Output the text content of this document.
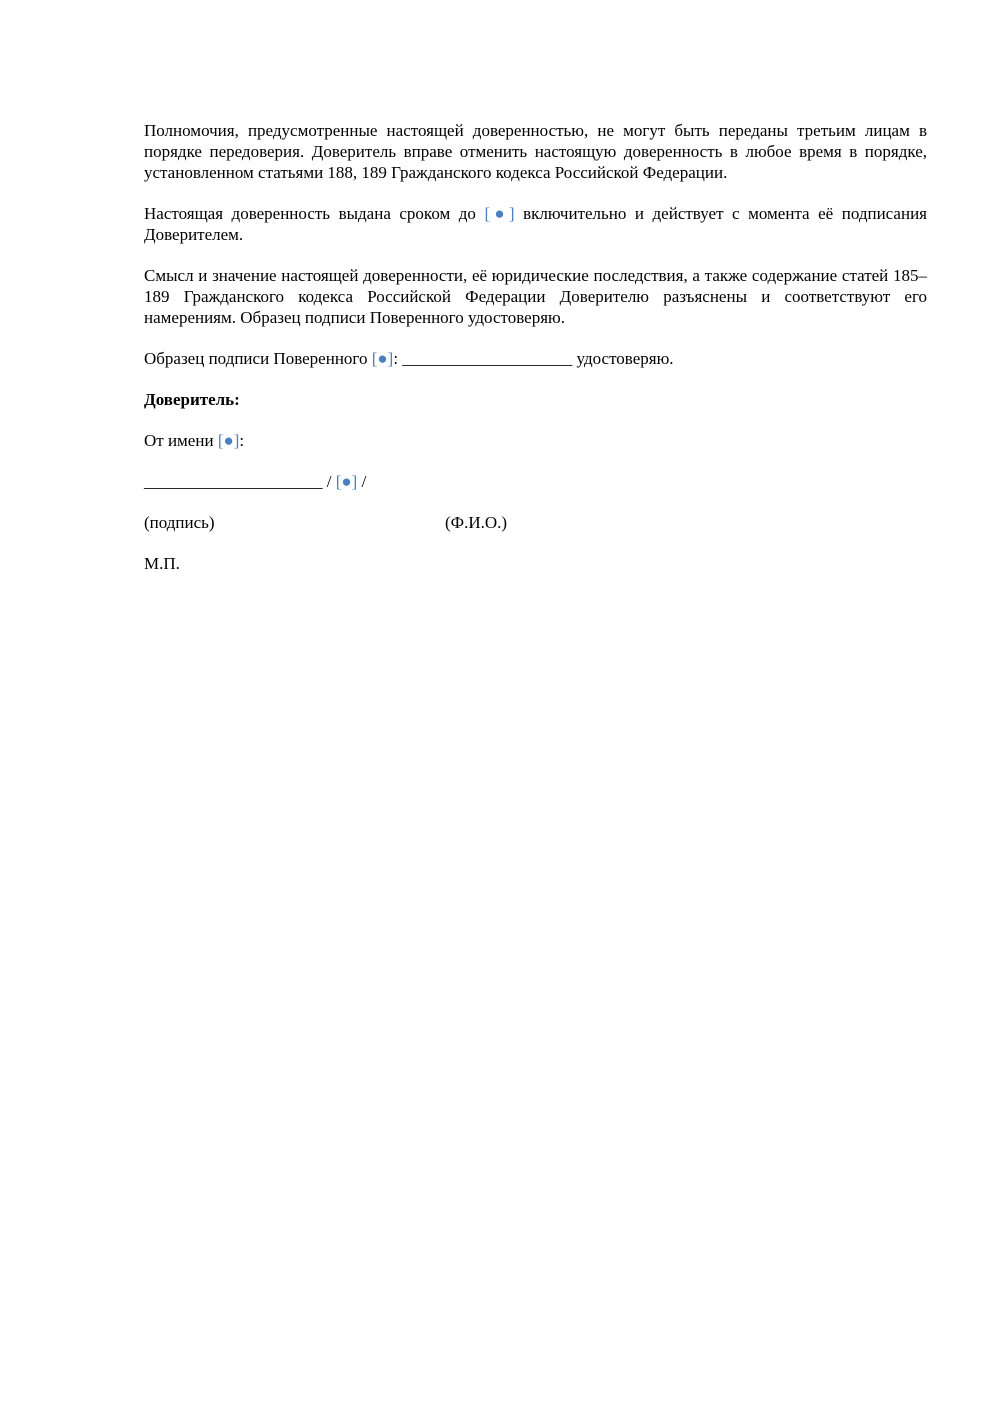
Полномочия, предусмотренные настоящей доверенностью, не могут быть переданы третьим лицам в порядке передоверия. Доверитель вправе отменить настоящую доверенность в любое время в порядке, установленном статьями 188, 189 Гражданского кодекса Российской Федерации.

Настоящая доверенность выдана сроком до [●] включительно и действует с момента её подписания Доверителем.

Смысл и значение настоящей доверенности, её юридические последствия, а также содержание статей 185–189 Гражданского кодекса Российской Федерации Доверителю разъяснены и соответствуют его намерениям. Образец подписи Поверенного удостоверяю.

Образец подписи Поверенного [●]: ____________________ удостоверяю.

Доверитель:

От имени [●]:

_____________________ / [●] /

(подпись)	(Ф.И.О.)

М.П.
